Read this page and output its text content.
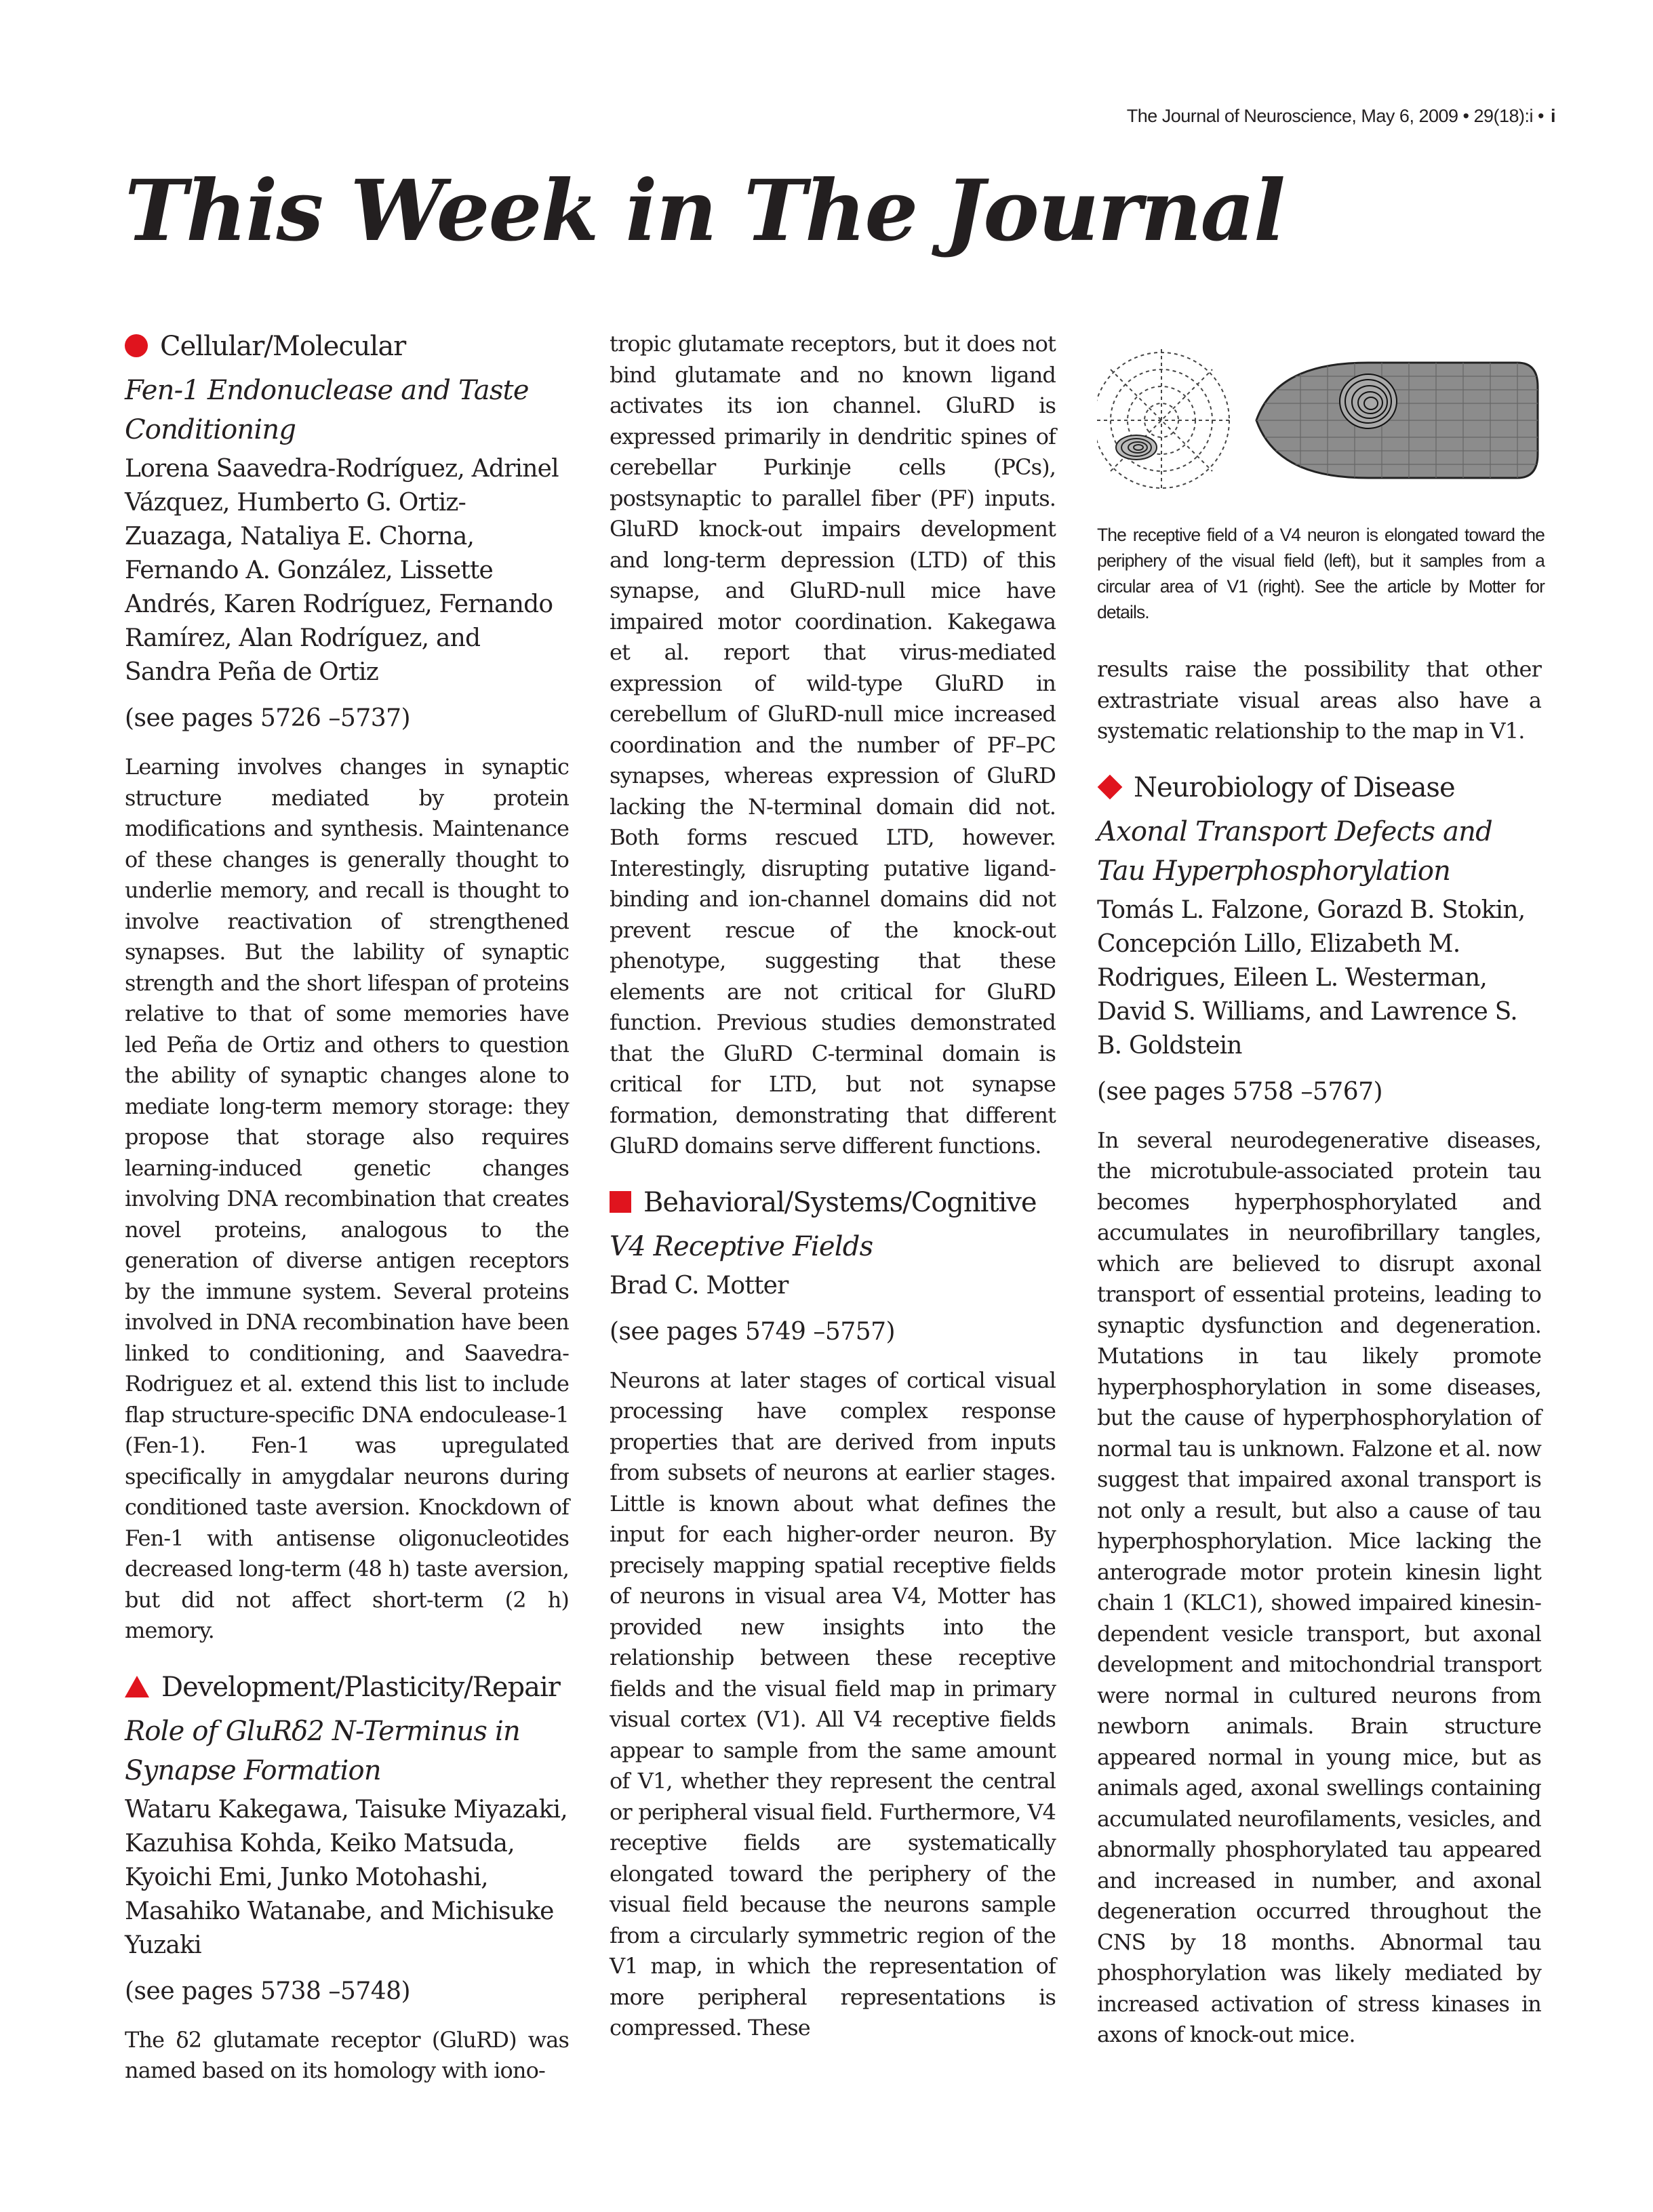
The Journal of Neuroscience, May 6, 2009 • 29(18):i • i
This Week in The Journal
Cellular/Molecular

Fen-1 Endonuclease and Taste
Conditioning

Lorena Saavedra-Rodríguez, Adrinel Vázquez, Humberto G. Ortiz-Zuazaga, Nataliya E. Chorna, Fernando A. González, Lissette Andrés, Karen Rodríguez, Fernando Ramírez, Alan Rodríguez, and Sandra Peña de Ortiz

(see pages 5726 –5737)

Learning involves changes in synaptic structure mediated by protein modifications and synthesis. Maintenance of these changes is generally thought to underlie memory, and recall is thought to involve reactivation of strengthened synapses. But the lability of synaptic strength and the short lifespan of proteins relative to that of some memories have led Peña de Ortiz and others to question the ability of synaptic changes alone to mediate long-term memory storage: they propose that storage also requires learning-induced genetic changes involving DNA recombination that creates novel proteins, analogous to the generation of diverse antigen receptors by the immune system. Several proteins involved in DNA recombination have been linked to conditioning, and Saavedra-Rodriguez et al. extend this list to include flap structure-specific DNA endoculease-1 (Fen-1). Fen-1 was upregulated specifically in amygdalar neurons during conditioned taste aversion. Knockdown of Fen-1 with antisense oligonucleotides decreased long-term (48 h) taste aversion, but did not affect short-term (2 h) memory.

Development/Plasticity/Repair

Role of GluRδ2 N-Terminus in
Synapse Formation

Wataru Kakegawa, Taisuke Miyazaki, Kazuhisa Kohda, Keiko Matsuda, Kyoichi Emi, Junko Motohashi, Masahiko Watanabe, and Michisuke Yuzaki

(see pages 5738 –5748)

The δ2 glutamate receptor (GluRD) was named based on its homology with iono-

tropic glutamate receptors, but it does not bind glutamate and no known ligand activates its ion channel. GluRD is expressed primarily in dendritic spines of cerebellar Purkinje cells (PCs), postsynaptic to parallel fiber (PF) inputs. GluRD knock-out impairs development and long-term depression (LTD) of this synapse, and GluRD-null mice have impaired motor coordination. Kakegawa et al. report that virus-mediated expression of wild-type GluRD in cerebellum of GluRD-null mice increased coordination and the number of PF–PC synapses, whereas expression of GluRD lacking the N-terminal domain did not. Both forms rescued LTD, however. Interestingly, disrupting putative ligand-binding and ion-channel domains did not prevent rescue of the knock-out phenotype, suggesting that these elements are not critical for GluRD function. Previous studies demonstrated that the GluRD C-terminal domain is critical for LTD, but not synapse formation, demonstrating that different GluRD domains serve different functions.

Behavioral/Systems/Cognitive

V4 Receptive Fields

Brad C. Motter

(see pages 5749 –5757)

Neurons at later stages of cortical visual processing have complex response properties that are derived from inputs from subsets of neurons at earlier stages. Little is known about what defines the input for each higher-order neuron. By precisely mapping spatial receptive fields of neurons in visual area V4, Motter has provided new insights into the relationship between these receptive fields and the visual field map in primary visual cortex (V1). All V4 receptive fields appear to sample from the same amount of V1, whether they represent the central or peripheral visual field. Furthermore, V4 receptive fields are systematically elongated toward the periphery of the visual field because the neurons sample from a circularly symmetric region of the V1 map, in which the representation of more peripheral representations is compressed. These

The receptive field of a V4 neuron is elongated toward the periphery of the visual field (left), but it samples from a circular area of V1 (right). See the article by Motter for details.

results raise the possibility that other extrastriate visual areas also have a systematic relationship to the map in V1.

Neurobiology of Disease

Axonal Transport Defects and
Tau Hyperphosphorylation

Tomás L. Falzone, Gorazd B. Stokin, Concepción Lillo, Elizabeth M. Rodrigues, Eileen L. Westerman, David S. Williams, and Lawrence S. B. Goldstein

(see pages 5758 –5767)

In several neurodegenerative diseases, the microtubule-associated protein tau becomes hyperphosphorylated and accumulates in neurofibrillary tangles, which are believed to disrupt axonal transport of essential proteins, leading to synaptic dysfunction and degeneration. Mutations in tau likely promote hyperphosphorylation in some diseases, but the cause of hyperphosphorylation of normal tau is unknown. Falzone et al. now suggest that impaired axonal transport is not only a result, but also a cause of tau hyperphosphorylation. Mice lacking the anterograde motor protein kinesin light chain 1 (KLC1), showed impaired kinesin-dependent vesicle transport, but axonal development and mitochondrial transport were normal in cultured neurons from newborn animals. Brain structure appeared normal in young mice, but as animals aged, axonal swellings containing accumulated neurofilaments, vesicles, and abnormally phosphorylated tau appeared and increased in number, and axonal degeneration occurred throughout the CNS by 18 months. Abnormal tau phosphorylation was likely mediated by increased activation of stress kinases in axons of knock-out mice.
